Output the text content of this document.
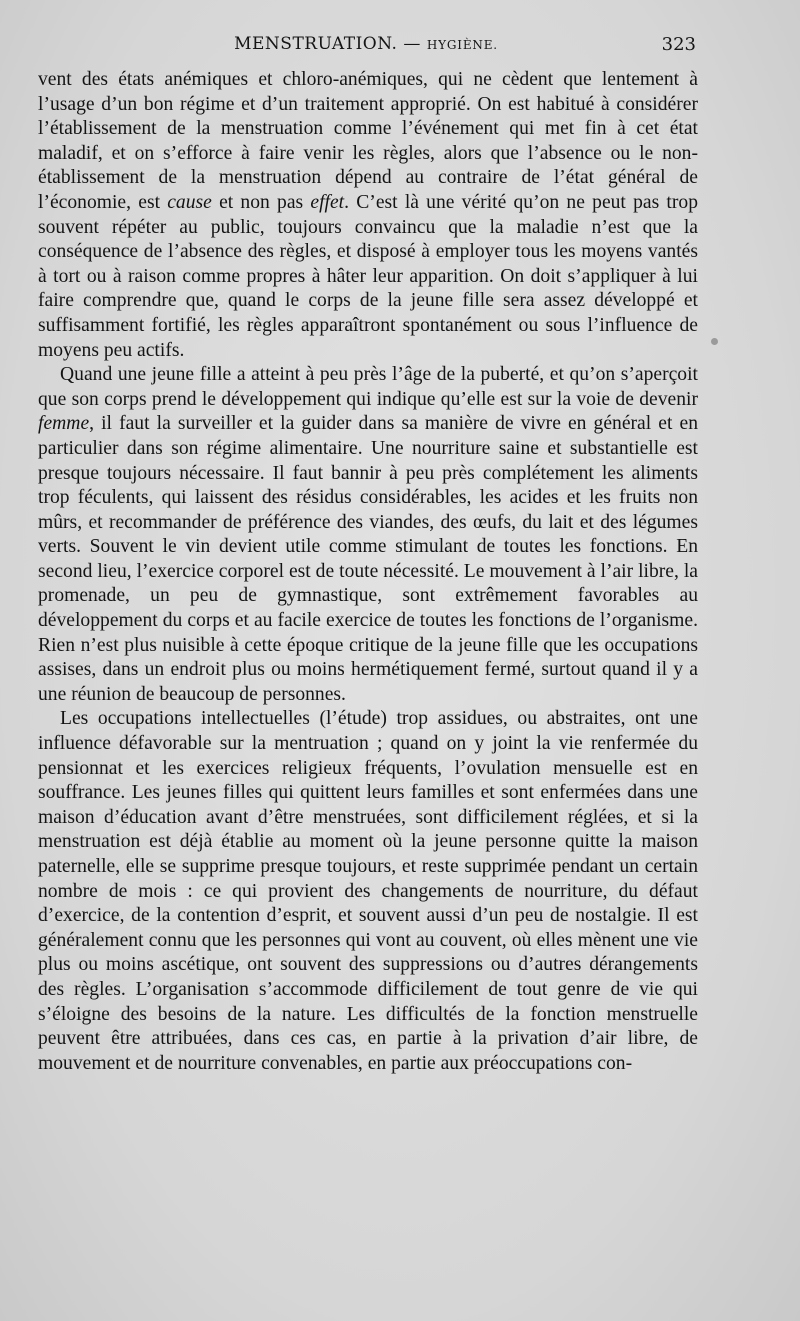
MENSTRUATION. — HYGIÈNE.	323

vent des états anémiques et chloro-anémiques, qui ne cèdent que lentement à l’usage d’un bon régime et d’un traitement approprié. On est habitué à considérer l’établissement de la menstruation comme l’événement qui met fin à cet état maladif, et on s’efforce à faire venir les règles, alors que l’absence ou le non-établissement de la menstruation dépend au contraire de l’état général de l’économie, est cause et non pas effet. C’est là une vérité qu’on ne peut pas trop souvent répéter au public, toujours convaincu que la maladie n’est que la conséquence de l’absence des règles, et disposé à employer tous les moyens vantés à tort ou à raison comme propres à hâter leur apparition. On doit s’appliquer à lui faire comprendre que, quand le corps de la jeune fille sera assez développé et suffisamment fortifié, les règles apparaîtront spontanément ou sous l’influence de moyens peu actifs.

Quand une jeune fille a atteint à peu près l’âge de la puberté, et qu’on s’aperçoit que son corps prend le développement qui indique qu’elle est sur la voie de devenir femme, il faut la surveiller et la guider dans sa manière de vivre en général et en particulier dans son régime alimentaire. Une nourriture saine et substantielle est presque toujours nécessaire. Il faut bannir à peu près complétement les aliments trop féculents, qui laissent des résidus considérables, les acides et les fruits non mûrs, et recommander de préférence des viandes, des œufs, du lait et des légumes verts. Souvent le vin devient utile comme stimulant de toutes les fonctions. En second lieu, l’exercice corporel est de toute nécessité. Le mouvement à l’air libre, la promenade, un peu de gymnastique, sont extrêmement favorables au développement du corps et au facile exercice de toutes les fonctions de l’organisme. Rien n’est plus nuisible à cette époque critique de la jeune fille que les occupations assises, dans un endroit plus ou moins hermétiquement fermé, surtout quand il y a une réunion de beaucoup de personnes.

Les occupations intellectuelles (l’étude) trop assidues, ou abstraites, ont une influence défavorable sur la mentruation ; quand on y joint la vie renfermée du pensionnat et les exercices religieux fréquents, l’ovulation mensuelle est en souffrance. Les jeunes filles qui quittent leurs familles et sont enfermées dans une maison d’éducation avant d’être menstruées, sont difficilement réglées, et si la menstruation est déjà établie au moment où la jeune personne quitte la maison paternelle, elle se supprime presque toujours, et reste supprimée pendant un certain nombre de mois : ce qui provient des changements de nourriture, du défaut d’exercice, de la contention d’esprit, et souvent aussi d’un peu de nostalgie. Il est généralement connu que les personnes qui vont au couvent, où elles mènent une vie plus ou moins ascétique, ont souvent des suppressions ou d’autres dérangements des règles. L’organisation s’accommode difficilement de tout genre de vie qui s’éloigne des besoins de la nature. Les difficultés de la fonction menstruelle peuvent être attribuées, dans ces cas, en partie à la privation d’air libre, de mouvement et de nourriture convenables, en partie aux préoccupations con-
